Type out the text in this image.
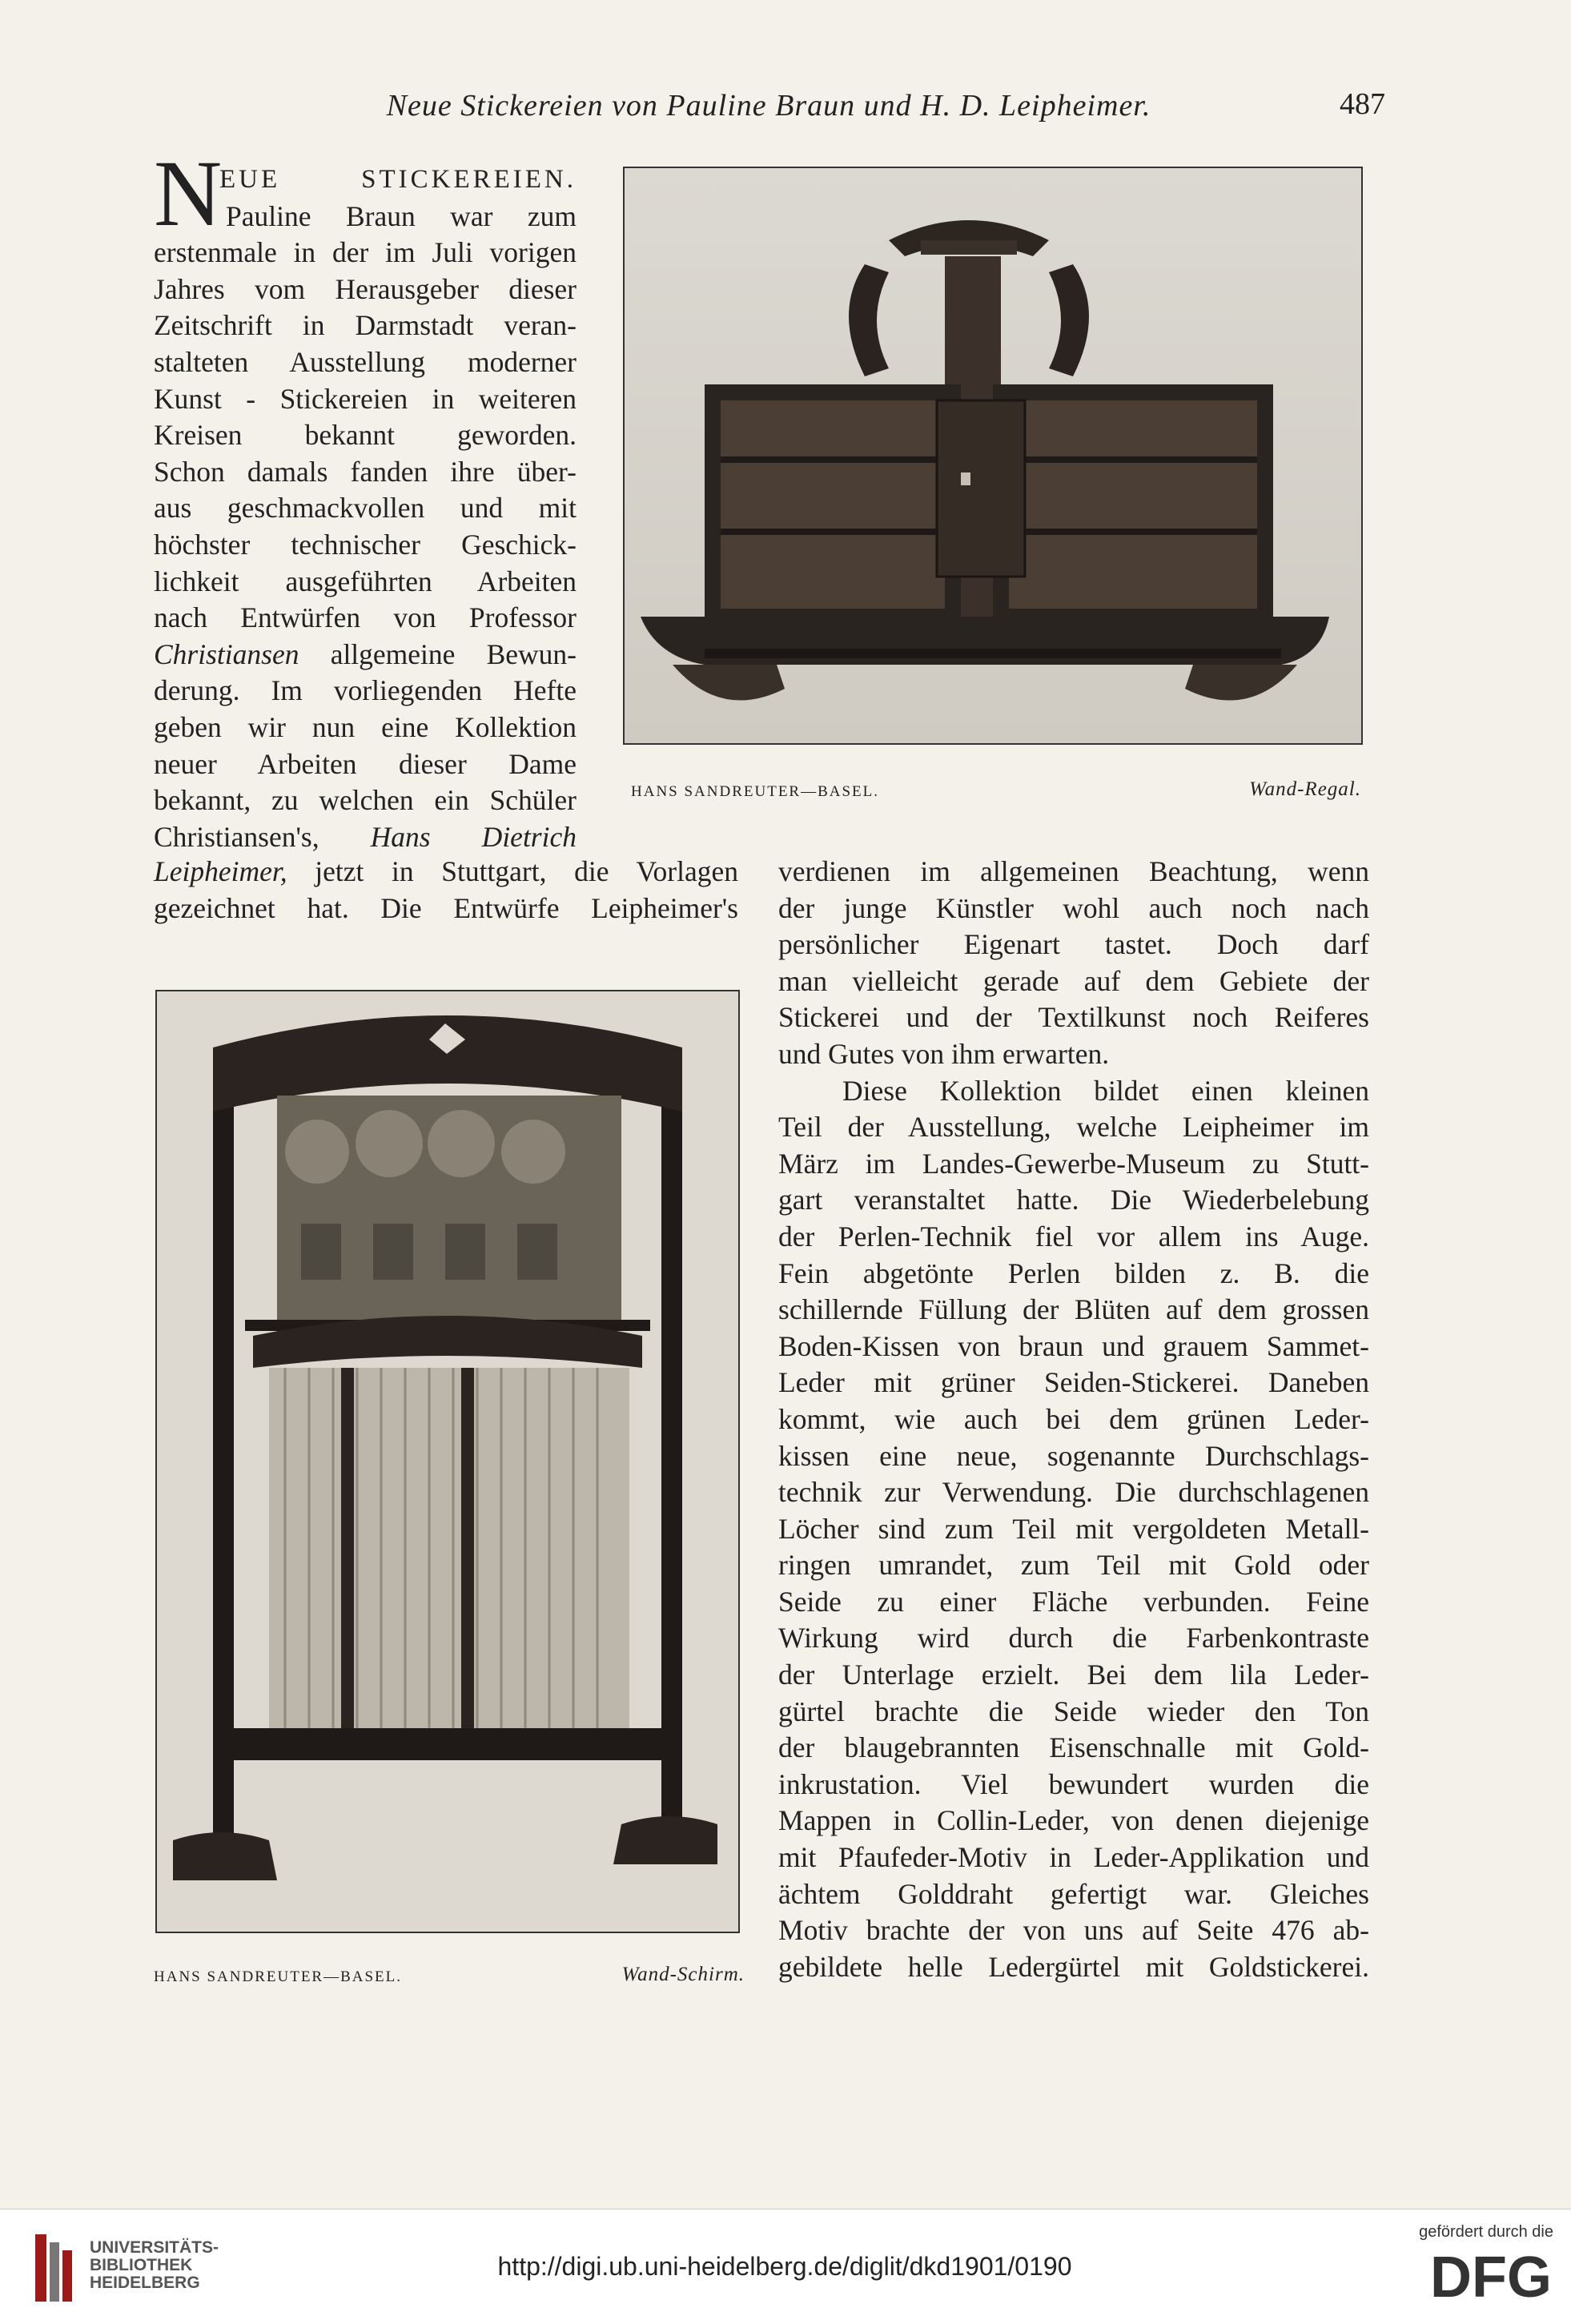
Neue Stickereien von Pauline Braun und H. D. Leipheimer.	487
N
EUE STICKEREIEN.
Pauline Braun war zum
erstenmale in der im Juli vorigen
Jahres vom Herausgeber dieser
Zeitschrift in Darmstadt veran-
stalteten Ausstellung moderner
Kunst - Stickereien in weiteren
Kreisen bekannt geworden.
Schon damals fanden ihre über-
aus geschmackvollen und mit
höchster technischer Geschick-
lichkeit ausgeführten Arbeiten
nach Entwürfen von Professor
Christiansen allgemeine Bewun-
derung. Im vorliegenden Hefte
geben wir nun eine Kollektion
neuer Arbeiten dieser Dame
bekannt, zu welchen ein Schüler
Christiansen's, Hans Dietrich
Leipheimer, jetzt in Stuttgart, die Vorlagen
gezeichnet hat. Die Entwürfe Leipheimer's
verdienen im allgemeinen Beachtung, wenn
der junge Künstler wohl auch noch nach
persönlicher Eigenart tastet. Doch darf
man vielleicht gerade auf dem Gebiete der
Stickerei und der Textilkunst noch Reiferes
und Gutes von ihm erwarten.
Diese Kollektion bildet einen kleinen
Teil der Ausstellung, welche Leipheimer im
März im Landes-Gewerbe-Museum zu Stutt-
gart veranstaltet hatte. Die Wiederbelebung
der Perlen-Technik fiel vor allem ins Auge.
Fein abgetönte Perlen bilden z. B. die
schillernde Füllung der Blüten auf dem grossen
Boden-Kissen von braun und grauem Sammet-
Leder mit grüner Seiden-Stickerei. Daneben
kommt, wie auch bei dem grünen Leder-
kissen eine neue, sogenannte Durchschlags-
technik zur Verwendung. Die durchschlagenen
Löcher sind zum Teil mit vergoldeten Metall-
ringen umrandet, zum Teil mit Gold oder
Seide zu einer Fläche verbunden. Feine
Wirkung wird durch die Farbenkontraste
der Unterlage erzielt. Bei dem lila Leder-
gürtel brachte die Seide wieder den Ton
der blaugebrannten Eisenschnalle mit Gold-
inkrustation. Viel bewundert wurden die
Mappen in Collin-Leder, von denen diejenige
mit Pfaufeder-Motiv in Leder-Applikation und
ächtem Golddraht gefertigt war. Gleiches
Motiv brachte der von uns auf Seite 476 ab-
gebildete helle Ledergürtel mit Goldstickerei.
HANS SANDREUTER—BASEL.	Wand-Regal.
HANS SANDREUTER—BASEL.	Wand-Schirm.
UNIVERSITÄTS-
BIBLIOTHEK
HEIDELBERG
http://digi.ub.uni-heidelberg.de/diglit/dkd1901/0190
gefördert durch die
DFG
